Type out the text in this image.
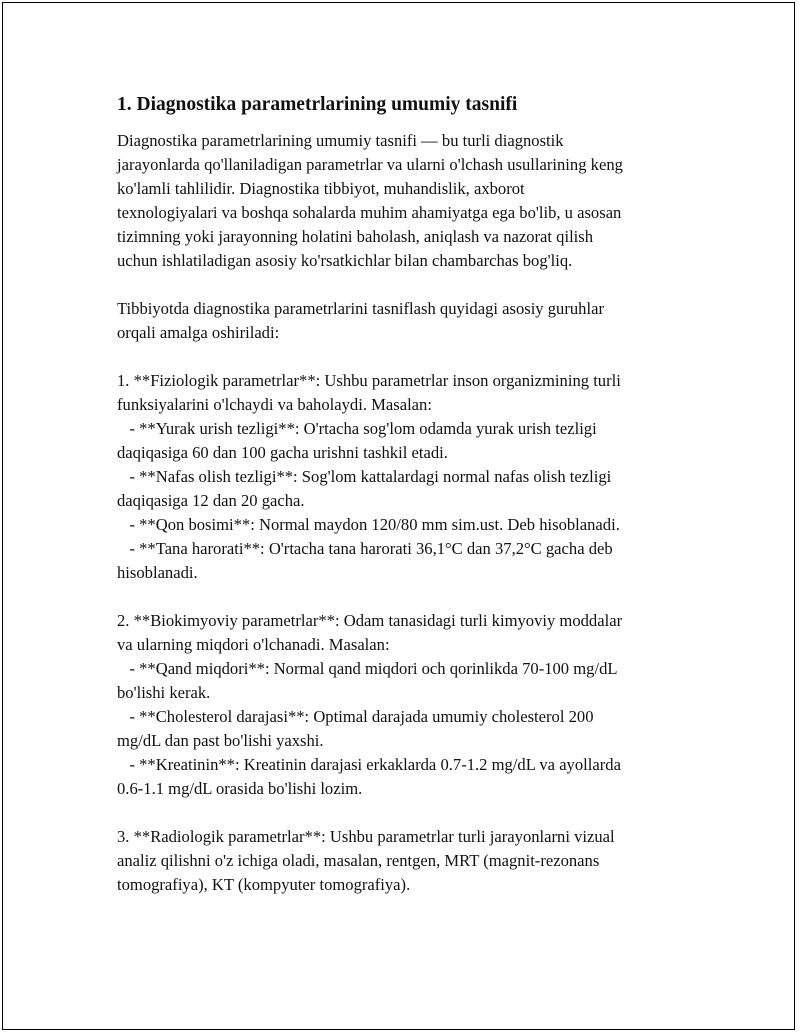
1. Diagnostika parametrlarining umumiy tasnifi
Diagnostika parametrlarining umumiy tasnifi — bu turli diagnostik
jarayonlarda qo'llaniladigan parametrlar va ularni o'lchash usullarining keng
ko'lamli tahlilidir. Diagnostika tibbiyot, muhandislik, axborot
texnologiyalari va boshqa sohalarda muhim ahamiyatga ega bo'lib, u asosan
tizimning yoki jarayonning holatini baholash, aniqlash va nazorat qilish
uchun ishlatiladigan asosiy ko'rsatkichlar bilan chambarchas bog'liq.
Tibbiyotda diagnostika parametrlarini tasniflash quyidagi asosiy guruhlar
orqali amalga oshiriladi:
1. **Fiziologik parametrlar**: Ushbu parametrlar inson organizmining turli
funksiyalarini o'lchaydi va baholaydi. Masalan:
- **Yurak urish tezligi**: O'rtacha sog'lom odamda yurak urish tezligi
daqiqasiga 60 dan 100 gacha urishni tashkil etadi.
- **Nafas olish tezligi**: Sog'lom kattalardagi normal nafas olish tezligi
daqiqasiga 12 dan 20 gacha.
- **Qon bosimi**: Normal maydon 120/80 mm sim.ust. Deb hisoblanadi.
- **Tana harorati**: O'rtacha tana harorati 36,1°C dan 37,2°C gacha deb
hisoblanadi.
2. **Biokimyoviy parametrlar**: Odam tanasidagi turli kimyoviy moddalar
va ularning miqdori o'lchanadi. Masalan:
- **Qand miqdori**: Normal qand miqdori och qorinlikda 70-100 mg/dL
bo'lishi kerak.
- **Cholesterol darajasi**: Optimal darajada umumiy cholesterol 200
mg/dL dan past bo'lishi yaxshi.
- **Kreatinin**: Kreatinin darajasi erkaklarda 0.7-1.2 mg/dL va ayollarda
0.6-1.1 mg/dL orasida bo'lishi lozim.
3. **Radiologik parametrlar**: Ushbu parametrlar turli jarayonlarni vizual
analiz qilishni o'z ichiga oladi, masalan, rentgen, MRT (magnit-rezonans
tomografiya), KT (kompyuter tomografiya).
